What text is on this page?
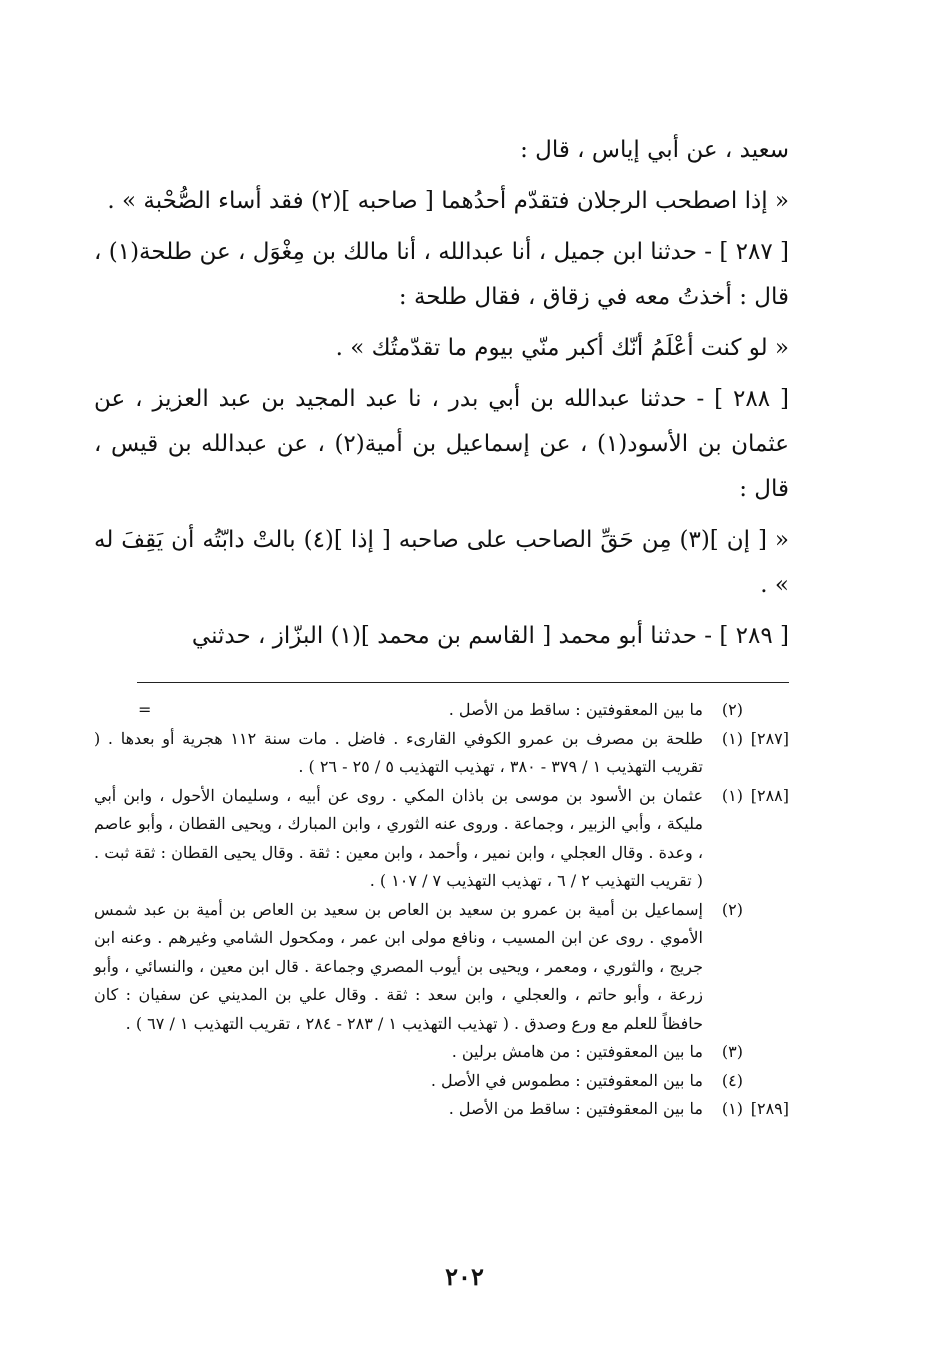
سعيد ، عن أبي إياس ، قال :

« إذا اصطحب الرجلان فتقدّم أحدُهما [ صاحبه ](٢) فقد أساء الصُّحْبة » .

[ ٢٨٧ ] - حدثنا ابن جميل ، أنا عبدالله ، أنا مالك بن مِغْوَل ، عن طلحة(١) ، قال : أخذتُ معه في زقاق ، فقال طلحة :

« لو كنت أعْلَمُ أنّك أكبر منّي بيوم ما تقدّمتُك » .

[ ٢٨٨ ] - حدثنا عبدالله بن أبي بدر ، نا عبد المجيد بن عبد العزيز ، عن عثمان بن الأسود(١) ، عن إسماعيل بن أمية(٢) ، عن عبدالله بن قيس ، قال :

« [ إن ](٣) مِن حَقِّ الصاحب على صاحبه [ إذا ](٤) بالتْ دابّتُه أن يَقِفَ له » .

[ ٢٨٩ ] - حدثنا أبو محمد [ القاسم بن محمد ](١) البزّاز ، حدثني

=	(٢)
ما بين المعقوفتين : ساقط من الأصل .
[٢٨٧]
(١)
طلحة بن مصرف بن عمرو الكوفي القارىء . فاضل . مات سنة ١١٢ هجرية أو بعدها . ( تقريب التهذيب ١ / ٣٧٩ - ٣٨٠ ، تهذيب التهذيب ٥ / ٢٥ - ٢٦ ) .
[٢٨٨]
(١)
عثمان بن الأسود بن موسى بن باذان المكي . روى عن أبيه ، وسليمان الأحول ، وابن أبي مليكة ، وأبي الزبير ، وجماعة . وروى عنه الثوري ، وابن المبارك ، ويحيى القطان ، وأبو عاصم ، وعدة . وقال العجلي ، وابن نمير ، وأحمد ، وابن معين : ثقة . وقال يحيى القطان : ثقة ثبت . ( تقريب التهذيب ٢ / ٦ ، تهذيب التهذيب ٧ / ١٠٧ ) .
(٢)
إسماعيل بن أمية بن عمرو بن سعيد بن العاص بن سعيد بن العاص بن أمية بن عبد شمس الأموي . روى عن ابن المسيب ، ونافع مولى ابن عمر ، ومكحول الشامي وغيرهم . وعنه ابن جريج ، والثوري ، ومعمر ، ويحيى بن أيوب المصري وجماعة . قال ابن معين ، والنسائي ، وأبو زرعة ، وأبو حاتم ، والعجلي ، وابن سعد : ثقة . وقال علي بن المديني عن سفيان : كان حافظاً للعلم مع ورع وصدق . ( تهذيب التهذيب ١ / ٢٨٣ - ٢٨٤ ، تقريب التهذيب ١ / ٦٧ ) .
(٣)
ما بين المعقوفتين : من هامش برلين .
(٤)
ما بين المعقوفتين : مطموس في الأصل .
[٢٨٩]
(١)
ما بين المعقوفتين : ساقط من الأصل .
٢٠٢
